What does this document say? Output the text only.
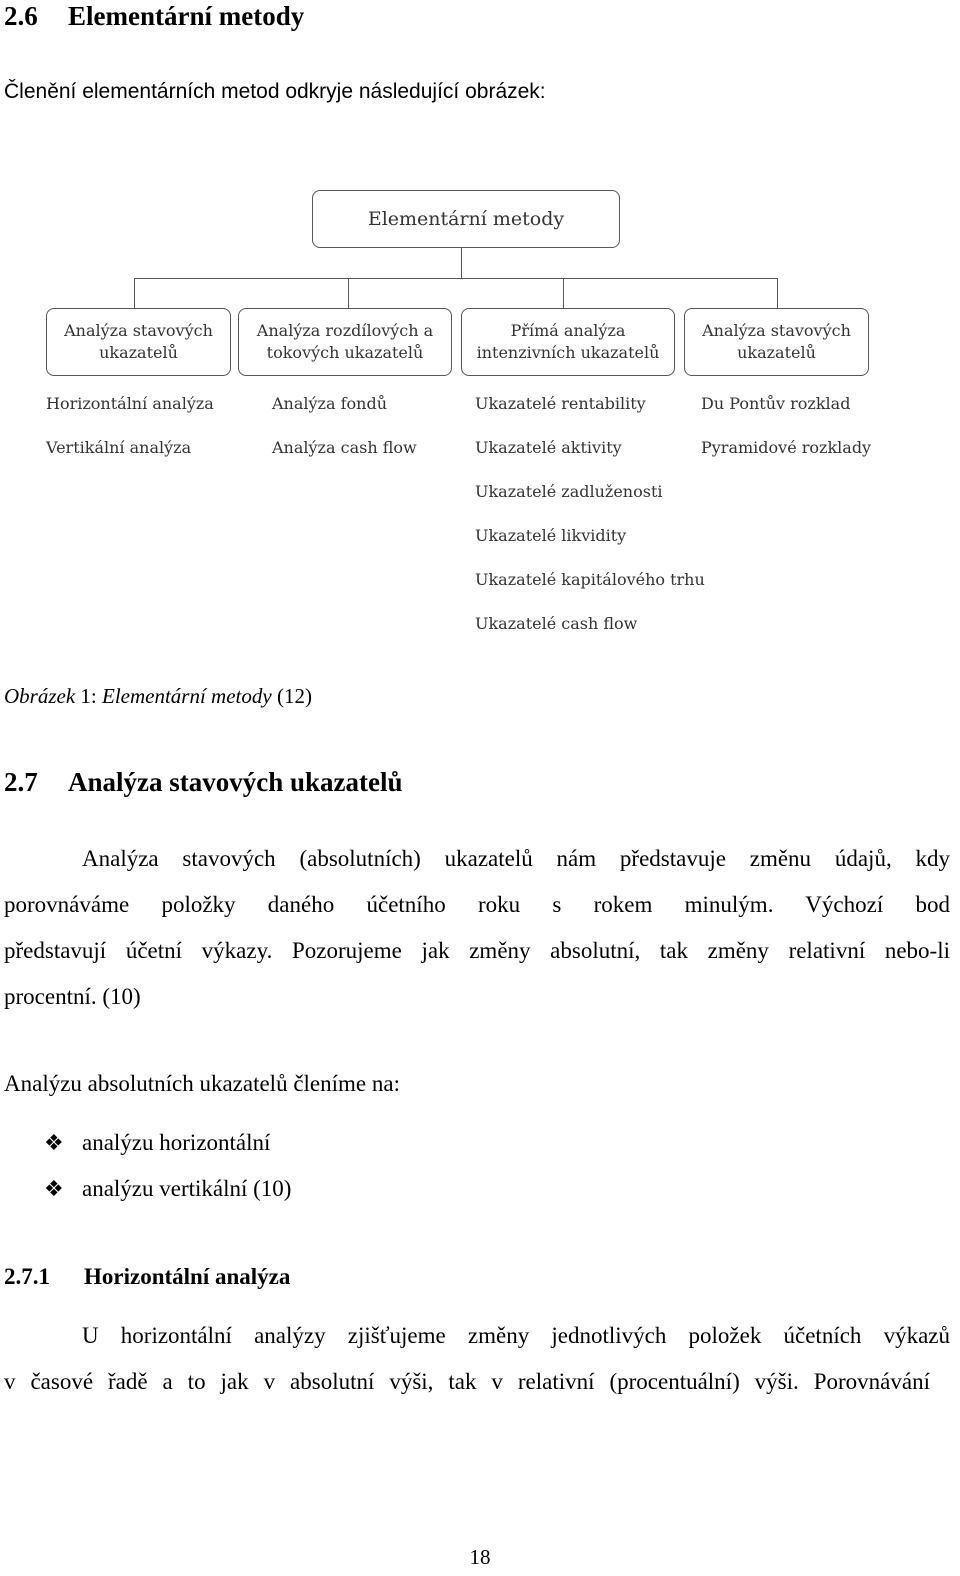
2.6 Elementární metody
Členění elementárních metod odkryje následující obrázek:
Elementární metody
Analýza stavových ukazatelů
Analýza rozdílových a tokových ukazatelů
Přímá analýza intenzivních ukazatelů
Analýza stavových ukazatelů
Horizontální analýza
Vertikální analýza
Analýza fondů
Analýza cash flow
Ukazatelé rentability
Ukazatelé aktivity
Ukazatelé zadluženosti
Ukazatelé likvidity
Ukazatelé kapitálového trhu
Ukazatelé cash flow
Du Pontův rozklad
Pyramidové rozklady
Obrázek 1: Elementární metody (12)
2.7 Analýza stavových ukazatelů
Analýza stavových (absolutních) ukazatelů nám představuje změnu údajů, kdy
porovnáváme položky daného účetního roku s rokem minulým. Výchozí bod
představují účetní výkazy. Pozorujeme jak změny absolutní, tak změny relativní nebo-li
procentní. (10)
Analýzu absolutních ukazatelů členíme na:
❖ analýzu horizontální
❖ analýzu vertikální (10)
2.7.1 Horizontální analýza
U horizontální analýzy zjišťujeme změny jednotlivých položek účetních výkazů
v časové řadě a to jak v absolutní výši, tak v relativní (procentuální) výši. Porovnávání
18
